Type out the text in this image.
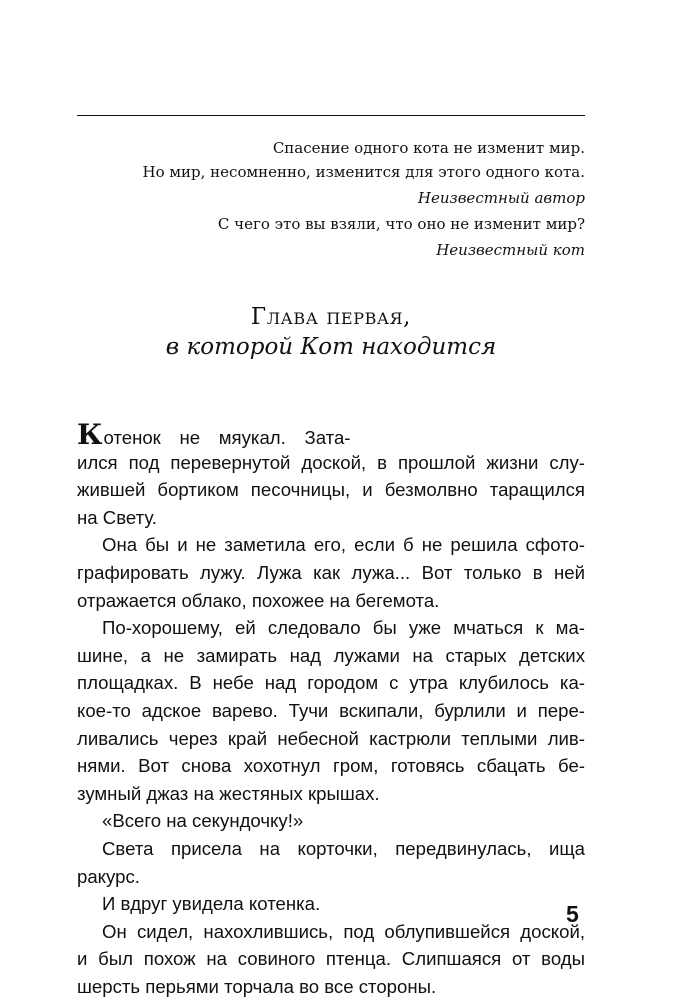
Спасение одного кота не изменит мир.
Но мир, несомненно, изменится для этого одного кота.
Неизвестный автор
С чего это вы взяли, что оно не изменит мир?
Неизвестный кот
Глава первая,
в которой Кот находится
Котенок не мяукал. Зата-
ился под перевернутой доской, в прошлой жизни слу-
жившей бортиком песочницы, и безмолвно таращился
на Свету.
Она бы и не заметила его, если б не решила сфото-
графировать лужу. Лужа как лужа... Вот только в ней
отражается облако, похожее на бегемота.
По-хорошему, ей следовало бы уже мчаться к ма-
шине, а не замирать над лужами на старых детских
площадках. В небе над городом с утра клубилось ка-
кое-то адское варево. Тучи вскипали, бурлили и пере-
ливались через край небесной кастрюли теплыми лив-
нями. Вот снова хохотнул гром, готовясь сбацать бе-
зумный джаз на жестяных крышах.
«Всего на секундочку!»
Света присела на корточки, передвинулась, ища
ракурс.
И вдруг увидела котенка.
Он сидел, нахохлившись, под облупившейся доской,
и был похож на совиного птенца. Слипшаяся от воды
шерсть перьями торчала во все стороны.
5
